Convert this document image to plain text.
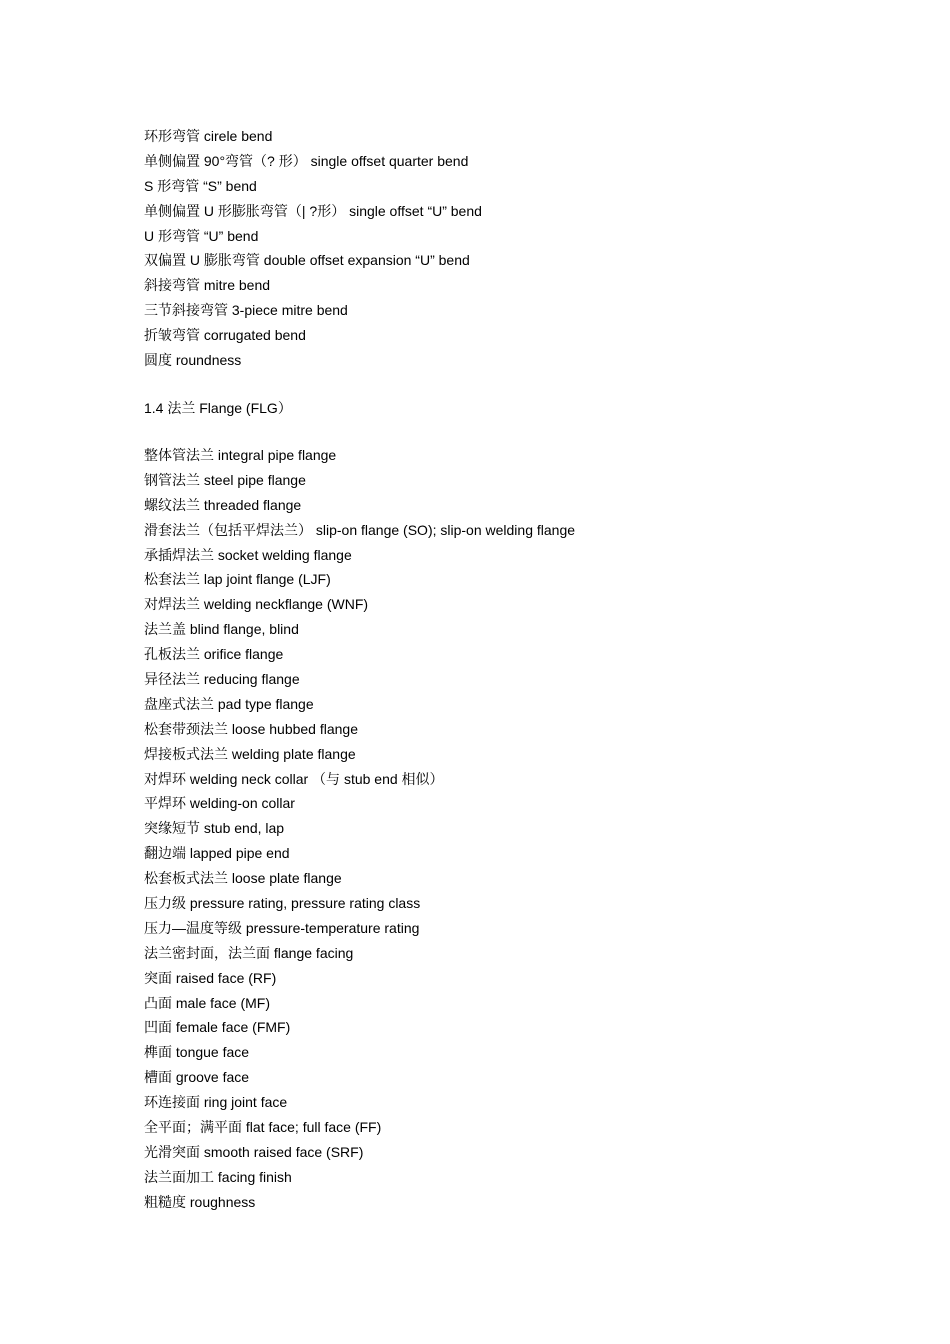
环形弯管 cirele bend
单侧偏置 90°弯管（? 形） single offset quarter bend
S 形弯管 “S” bend
单侧偏置 U 形膨胀弯管（| ?形） single offset “U” bend
U 形弯管 “U” bend
双偏置 U 膨胀弯管 double offset expansion “U” bend
斜接弯管 mitre bend
三节斜接弯管 3-piece mitre bend
折皱弯管 corrugated bend
圆度 roundness
1.4 法兰 Flange (FLG）
整体管法兰 integral pipe flange
钢管法兰 steel pipe flange
螺纹法兰 threaded flange
滑套法兰（包括平焊法兰） slip-on flange (SO); slip-on welding flange
承插焊法兰 socket welding flange
松套法兰 lap joint flange (LJF)
对焊法兰 welding neckflange (WNF)
法兰盖 blind flange, blind
孔板法兰 orifice flange
异径法兰 reducing flange
盘座式法兰 pad type flange
松套带颈法兰 loose hubbed flange
焊接板式法兰 welding plate flange
对焊环 welding neck collar （与 stub end 相似）
平焊环 welding-on collar
突缘短节 stub end, lap
翻边端 lapped pipe end
松套板式法兰 loose plate flange
压力级 pressure rating, pressure rating class
压力—温度等级 pressure-temperature rating
法兰密封面，法兰面 flange facing
突面 raised face (RF)
凸面 male face (MF)
凹面 female face (FMF)
榫面 tongue face
槽面 groove face
环连接面 ring joint face
全平面；满平面 flat face; full face (FF)
光滑突面 smooth raised face (SRF)
法兰面加工 facing finish
粗糙度 roughness
